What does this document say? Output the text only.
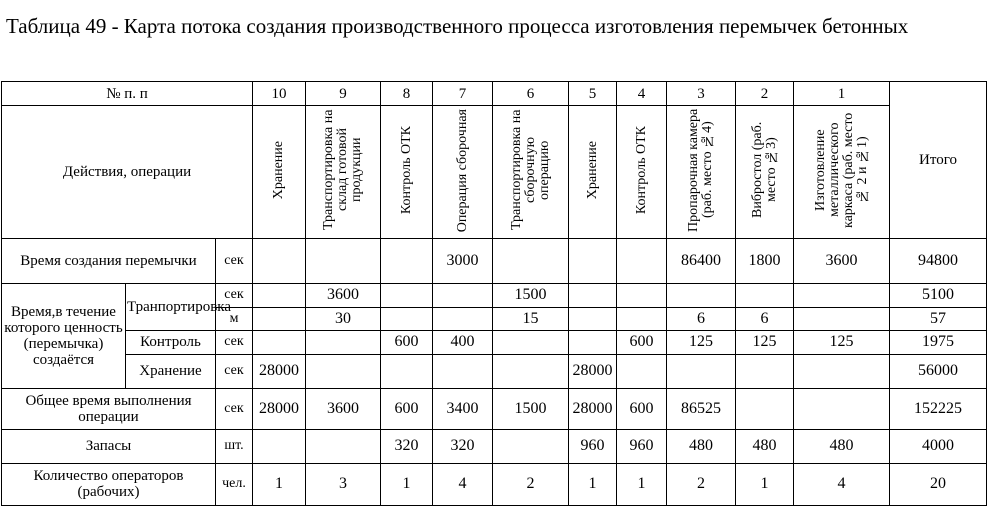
Таблица 49 - Карта потока создания производственного процесса изготовления перемычек бетонных
№ п. п			10	9	8	7	6	5	4	3	2	1	Итого
Действия, операции			Хранение	Транспортировка на склад готовой продукции	Контроль ОТК	Операция сборочная	Транспортировка на сборочную операцию	Хранение	Контроль ОТК	Пропарочная камера (раб. место №4)	Вибростол (раб. место №3)	Изготовление металлического каркаса (раб. место № 2 и №1)	
Время создания перемычки		сек				3000				86400	1800	3600	94800
Время,в течение которого ценность (перемычка) создаётся	Транпортировка	сек		3600			1500						5100
		м		30			15			6	6		57
	Контроль	сек			600	400			600	125	125	125	1975
	Хранение	сек	28000					28000					56000
Общее время выполнения операции		сек	28000	3600	600	3400	1500	28000	600	86525			152225
Запасы		шт.			320	320		960	960	480	480	480	4000
Количество операторов (рабочих)		чел.	1	3	1	4	2	1	1	2	1	4	20
